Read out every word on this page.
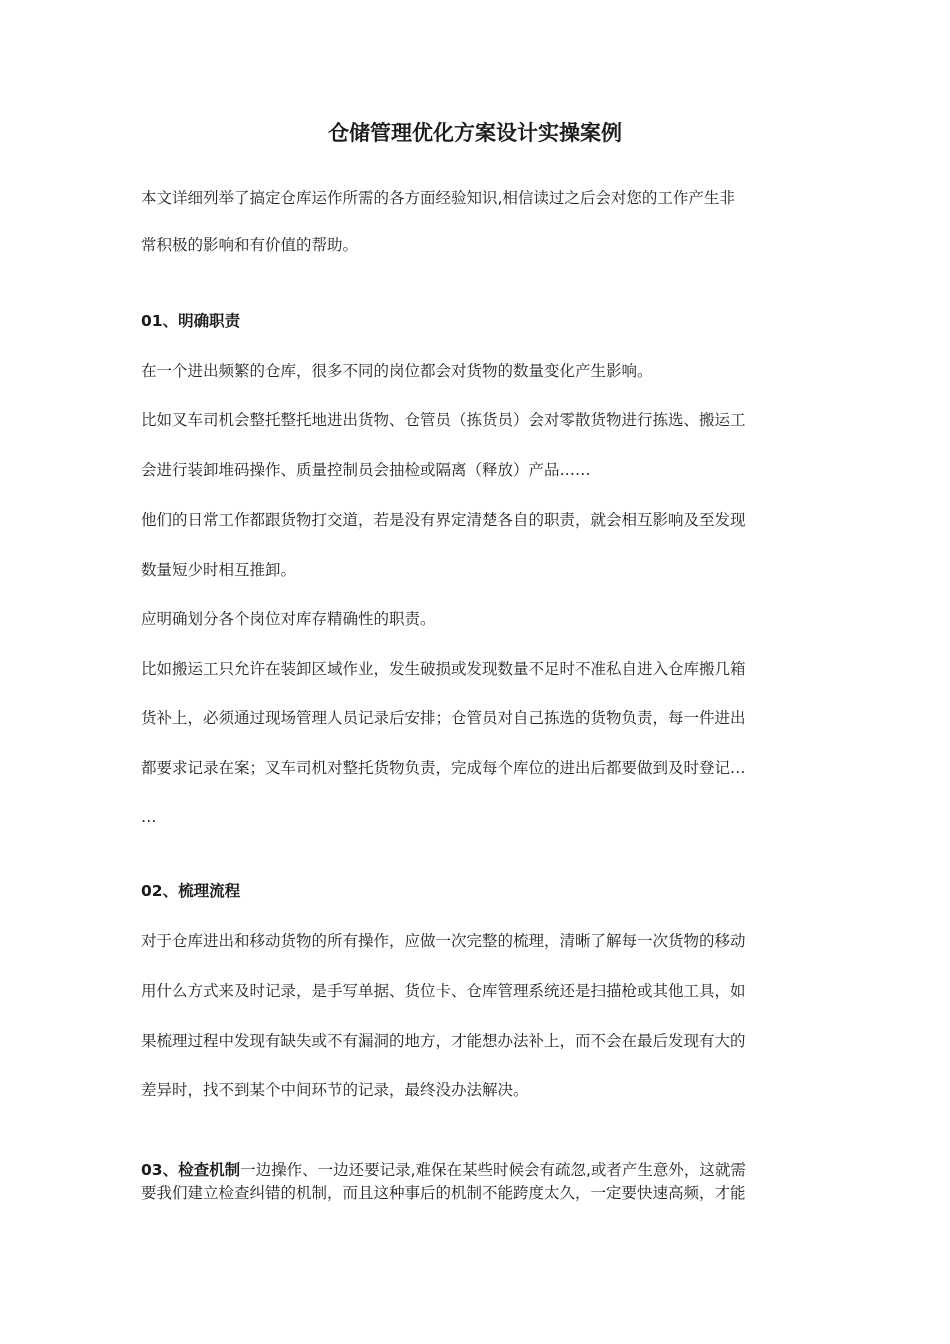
仓储管理优化方案设计实操案例
本文详细列举了搞定仓库运作所需的各方面经验知识,相信读过之后会对您的工作产生非
常积极的影响和有价值的帮助。
01、明确职责
在一个进出频繁的仓库，很多不同的岗位都会对货物的数量变化产生影响。
比如叉车司机会整托整托地进出货物、仓管员（拣货员）会对零散货物进行拣选、搬运工
会进行装卸堆码操作、质量控制员会抽检或隔离（释放）产品……
他们的日常工作都跟货物打交道，若是没有界定清楚各自的职责，就会相互影响及至发现
数量短少时相互推卸。
应明确划分各个岗位对库存精确性的职责。
比如搬运工只允许在装卸区域作业，发生破损或发现数量不足时不准私自进入仓库搬几箱
货补上，必须通过现场管理人员记录后安排；仓管员对自己拣选的货物负责，每一件进出
都要求记录在案；叉车司机对整托货物负责，完成每个库位的进出后都要做到及时登记…
…
02、梳理流程
对于仓库进出和移动货物的所有操作，应做一次完整的梳理，清晰了解每一次货物的移动
用什么方式来及时记录，是手写单据、货位卡、仓库管理系统还是扫描枪或其他工具，如
果梳理过程中发现有缺失或不有漏洞的地方，才能想办法补上，而不会在最后发现有大的
差异时，找不到某个中间环节的记录，最终没办法解决。
03、检查机制一边操作、一边还要记录,难保在某些时候会有疏忽,或者产生意外，这就需
要我们建立检查纠错的机制，而且这种事后的机制不能跨度太久，一定要快速高频，才能
